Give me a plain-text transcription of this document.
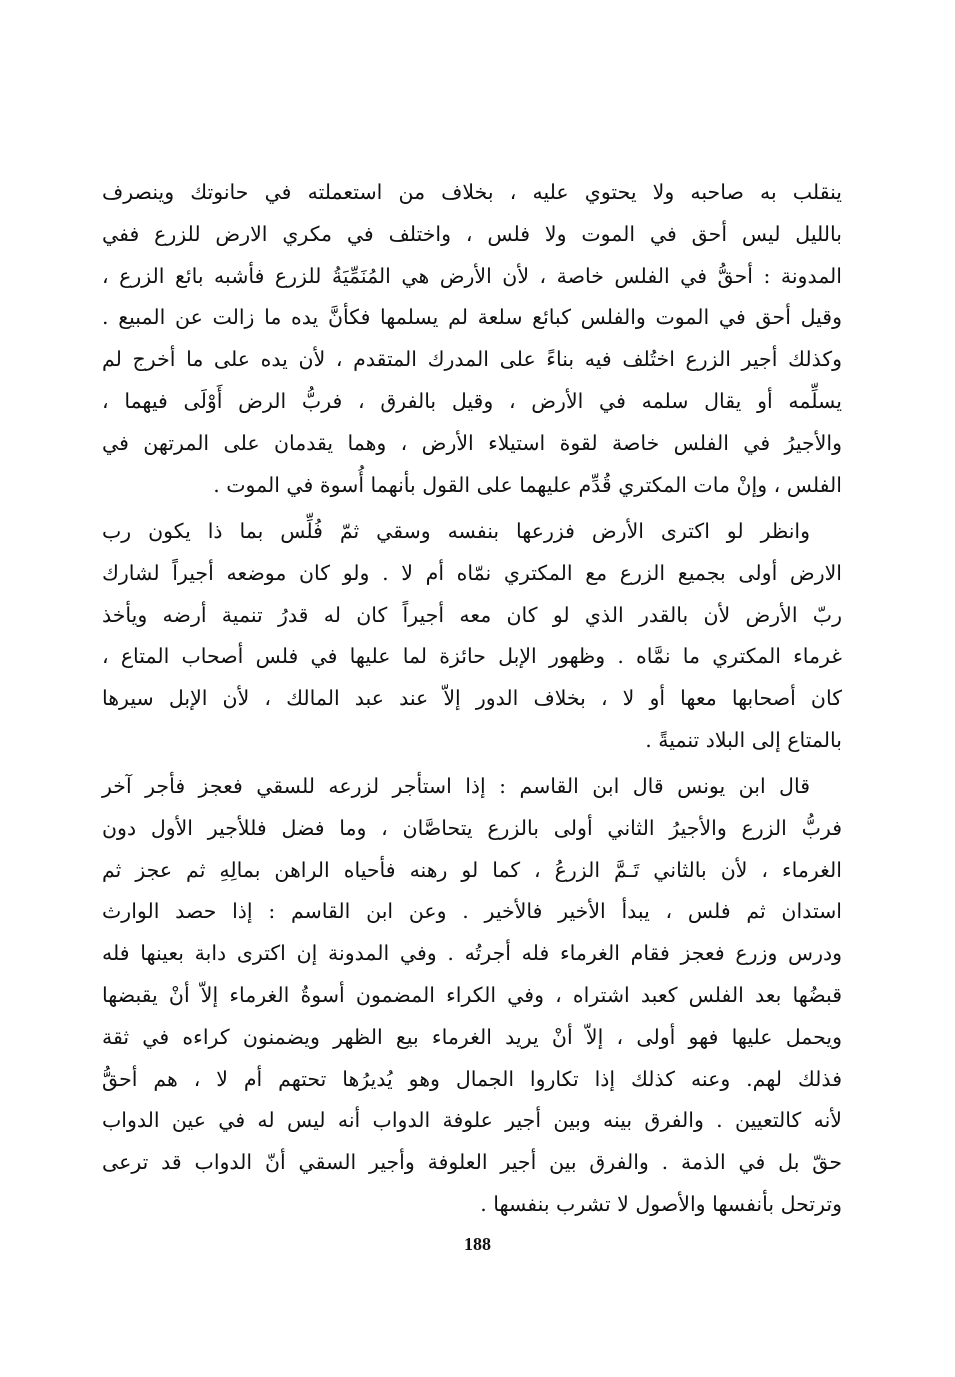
ينقلب به صاحبه ولا يحتوي عليه ، بخلاف من استعملته في حانوتك وينصرف
بالليل ليس أحق في الموت ولا فلس ، واختلف في مكري الارض للزرع ففي
المدونة : أحقُّ في الفلس خاصة ، لأن الأرض هي المُنَمِّيَةُ للزرع فأشبه بائع الزرع ،
وقيل أحق في الموت والفلس كبائع سلعة لم يسلمها فكأنَّ يده ما زالت عن المبيع .
وكذلك أجير الزرع اختُلف فيه بناءً على المدرك المتقدم ، لأن يده على ما أخرج لم
يسلِّمه أو يقال سلمه في الأرض ، وقيل بالفرق ، فربُّ الرض أَوْلَى فيهما ،
والأجيرُ في الفلس خاصة لقوة استيلاء الأرض ، وهما يقدمان على المرتهن في
الفلس ، وإنْ مات المكتري قُدِّم عليهما على القول بأنهما أُسوة في الموت .
وانظر لو اكترى الأرض فزرعها بنفسه وسقي ثمّ فُلِّس بما ذا يكون رب
الارض أولى بجميع الزرع مع المكتري نمّاه أم لا . ولو كان موضعه أجيراً لشارك
ربّ الأرض لأن بالقدر الذي لو كان معه أجيراً كان له قدرُ تنمية أرضه ويأخذ
غرماء المكتري ما نمَّاه . وظهور الإبل حائزة لما عليها في فلس أصحاب المتاع ،
كان أصحابها معها أو لا ، بخلاف الدور إلاّ عند عبد المالك ، لأن الإبل سيرها
بالمتاع إلى البلاد تنميةً .
قال ابن يونس قال ابن القاسم : إذا استأجر لزرعه للسقي فعجز فأجر آخر
فربُّ الزرع والأجيرُ الثاني أولى بالزرع يتحاصَّان ، وما فضل فللأجير الأول دون
الغرماء ، لأن بالثاني تَـمَّ الزرعُ ، كما لو رهنه فأحياه الراهن بمالِهِ ثم عجز ثم
استدان ثم فلس ، يبدأ الأخير فالأخير . وعن ابن القاسم : إذا حصد الوارث
ودرس وزرع فعجز فقام الغرماء فله أجرتُه . وفي المدونة إن اكترى دابة بعينها فله
قبضُها بعد الفلس كعبد اشتراه ، وفي الكراء المضمون أسوةُ الغرماء إلاّ أنْ يقبضها
ويحمل عليها فهو أولى ، إلاّ أنْ يريد الغرماء بيع الظهر ويضمنون كراءه في ثقة
فذلك لهم. وعنه كذلك إذا تكاروا الجمال وهو يُديرُها تحتهم أم لا ، هم أحقُّ
لأنه كالتعيين . والفرق بينه وبين أجير علوفة الدواب أنه ليس له في عين الدواب
حقّ بل في الذمة . والفرق بين أجير العلوفة وأجير السقي أنّ الدواب قد ترعى
وترتحل بأنفسها والأصول لا تشرب بنفسها .
188
